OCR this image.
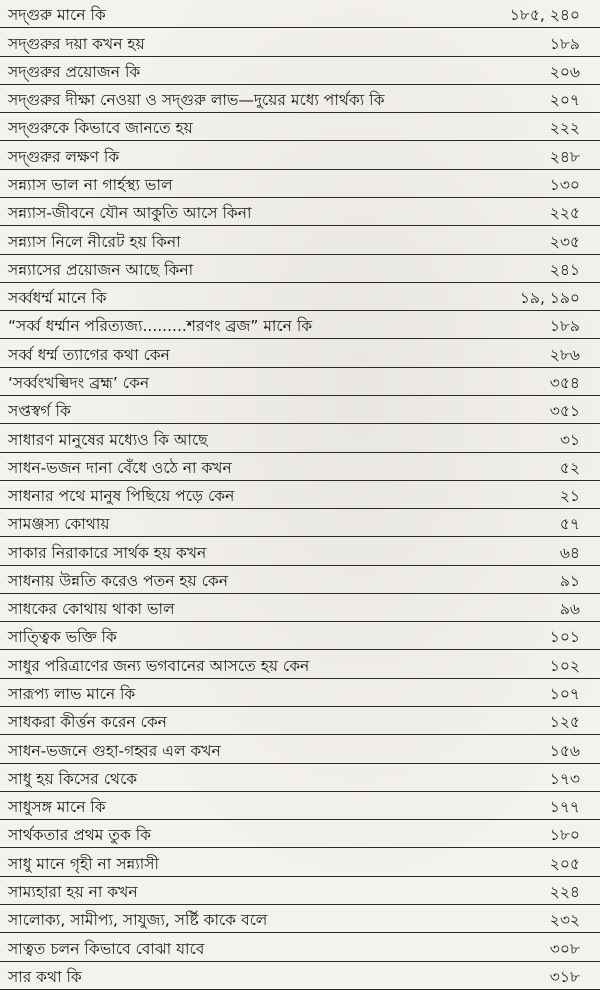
সদ্‌গুরু মানে কি	১৮৫, ২৪০
সদ্‌গুরুর দয়া কখন হয়	১৮৯
সদ্‌গুরুর প্রয়োজন কি	২০৬
সদ্‌গুরুর দীক্ষা নেওয়া ও সদ্‌গুরু লাভ—দুয়ের মধ্যে পার্থক্য কি	২০৭
সদ্‌গুরুকে কিভাবে জানতে হয়	২২২
সদ্‌গুরুর লক্ষণ কি	২৪৮
সন্ন্যাস ভাল না গার্হস্থ্য ভাল	১৩০
সন্ন্যাস-জীবনে যৌন আকুতি আসে কিনা	২২৫
সন্ন্যাস নিলে নীরেট হয় কিনা	২৩৫
সন্ন্যাসের প্রয়োজন আছে কিনা	২৪১
সর্ব্বধর্ম্ম মানে কি	১৯, ১৯০
“সর্ব্ব ধর্ম্মান পরিত্যজ্য.........শরণং ব্রজ” মানে কি	১৮৯
সর্ব্ব ধর্ম্ম ত্যাগের কথা কেন	২৮৬
‘সর্ব্বংখল্বিদং ব্রহ্ম’ কেন	৩৫৪
সপ্তস্বর্গ কি	৩৫১
সাধারণ মানুষের মধ্যেও কি আছে	৩১
সাধন-ভজন দানা বেঁধে ওঠে না কখন	৫২
সাধনার পথে মানুষ পিছিয়ে পড়ে কেন	২১
সামঞ্জস্য কোথায়	৫৭
সাকার নিরাকারে সার্থক হয় কখন	৬৪
সাধনায় উন্নতি করেও পতন হয় কেন	৯১
সাধকের কোথায় থাকা ভাল	৯৬
সাত্ত্বিক ভক্তি কি	১০১
সাধুর পরিত্রাণের জন্য ভগবানের আসতে হয় কেন	১০২
সারূপ্য লাভ মানে কি	১০৭
সাধকরা কীর্ত্তন করেন কেন	১২৫
সাধন-ভজনে গুহা-গহ্বর এল কখন	১৫৬
সাধু হয় কিসের থেকে	১৭৩
সাধুসঙ্গ মানে কি	১৭৭
সার্থকতার প্রথম তুক কি	১৮০
সাধু মানে গৃহী না সন্ন্যাসী	২০৫
সাম্যহারা হয় না কখন	২২৪
সালোক্য, সামীপ্য, সাযুজ্য, সর্ষ্টি কাকে বলে	২৩২
সাত্বত চলন কিভাবে বোঝা যাবে	৩০৮
সার কথা কি	৩১৮
